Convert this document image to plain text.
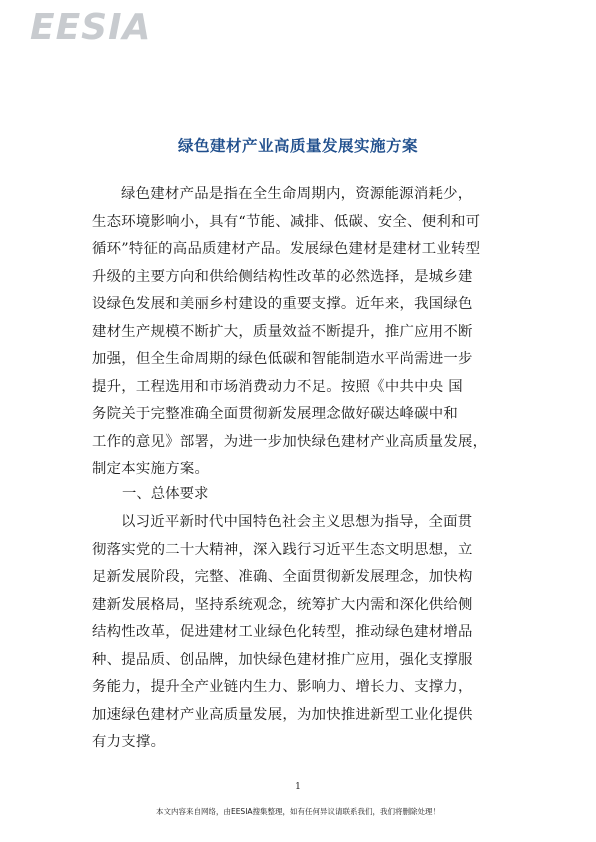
EESIA
绿色建材产业高质量发展实施方案
绿色建材产品是指在全生命周期内，资源能源消耗少，
生态环境影响小，具有“节能、减排、低碳、安全、便利和可
循环”特征的高品质建材产品。发展绿色建材是建材工业转型
升级的主要方向和供给侧结构性改革的必然选择，是城乡建
设绿色发展和美丽乡村建设的重要支撑。近年来，我国绿色
建材生产规模不断扩大，质量效益不断提升，推广应用不断
加强，但全生命周期的绿色低碳和智能制造水平尚需进一步
提升，工程选用和市场消费动力不足。按照《中共中央 国
务院关于完整准确全面贯彻新发展理念做好碳达峰碳中和
工作的意见》部署，为进一步加快绿色建材产业高质量发展，
制定本实施方案。
一、总体要求
以习近平新时代中国特色社会主义思想为指导，全面贯
彻落实党的二十大精神，深入践行习近平生态文明思想，立
足新发展阶段，完整、准确、全面贯彻新发展理念，加快构
建新发展格局，坚持系统观念，统筹扩大内需和深化供给侧
结构性改革，促进建材工业绿色化转型，推动绿色建材增品
种、提品质、创品牌，加快绿色建材推广应用，强化支撑服
务能力，提升全产业链内生力、影响力、增长力、支撑力，
加速绿色建材产业高质量发展，为加快推进新型工业化提供
有力支撑。
1
本文内容来自网络，由EESIA搜集整理，如有任何异议请联系我们，我们将删除处理！
